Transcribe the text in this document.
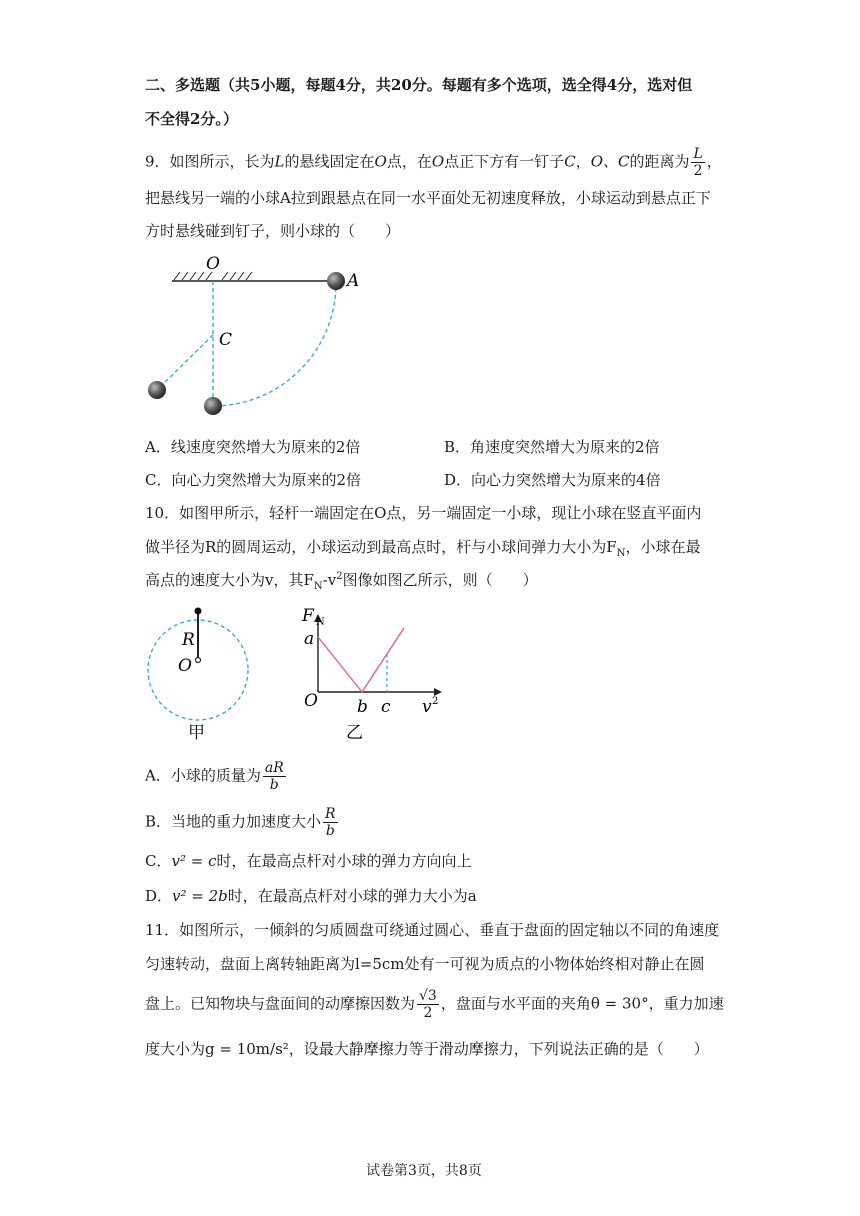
二、多选题（共5小题，每题4分，共20分。每题有多个选项，选全得4分，选对但
不全得2分。）
9．如图所示，长为L的悬线固定在O点，在O点正下方有一钉子C，O、C的距离为 $\frac{L}{2}$ ，
把悬线另一端的小球A拉到跟悬点在同一水平面处无初速度释放，小球运动到悬点正下
方时悬线碰到钉子，则小球的（　　）
O
A
C
A．线速度突然增大为原来的2倍	B．角速度突然增大为原来的2倍
C．向心力突然增大为原来的2倍	D．向心力突然增大为原来的4倍
10．如图甲所示，轻杆一端固定在O点，另一端固定一小球，现让小球在竖直平面内
做半径为R的圆周运动，小球运动到最高点时，杆与小球间弹力大小为$F_N$，小球在最
高点的速度大小为v，其$F_N-v^2$图像如图乙所示，则（　　）
R
O
甲
F N
a
O b c v 2
乙
A．小球的质量为 $\frac{aR}{b}$
B．当地的重力加速度大小 $\frac{R}{b}$
C．v² = c时，在最高点杆对小球的弹力方向向上
D．v² = 2b时，在最高点杆对小球的弹力大小为a
11．如图所示，一倾斜的匀质圆盘可绕通过圆心、垂直于盘面的固定轴以不同的角速度
匀速转动，盘面上离转轴距离为l=5cm处有一可视为质点的小物体始终相对静止在圆
盘上。已知物块与盘面间的动摩擦因数为 $\frac{√3}{2}$ ，盘面与水平面的夹角θ = 30°，重力加速
度大小为g = 10m/s²，设最大静摩擦力等于滑动摩擦力，下列说法正确的是（　　）
试卷第3页，共8页
